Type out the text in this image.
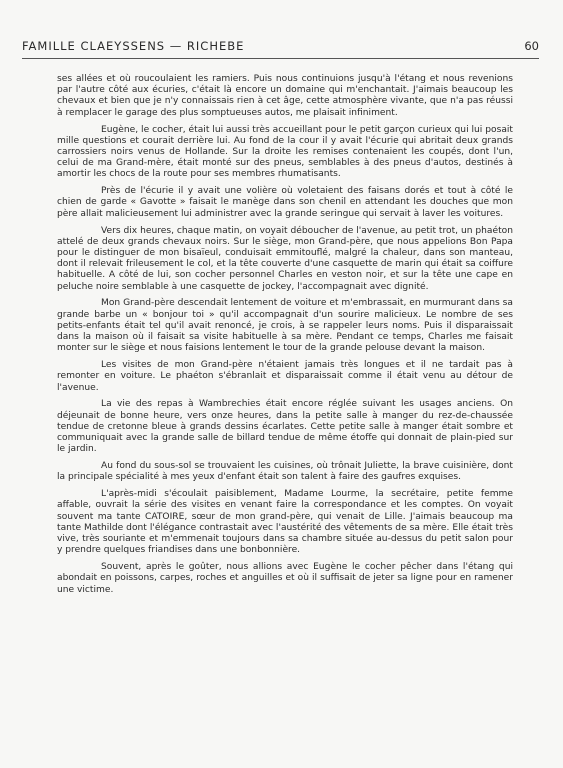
FAMILLE CLAEYSSENS — RICHEBE	60

ses allées et où roucoulaient les ramiers. Puis nous continuions jusqu'à l'étang et nous revenions par l'autre côté aux écuries, c'était là encore un domaine qui m'enchantait. J'aimais beaucoup les chevaux et bien que je n'y connaissais rien à cet âge, cette atmosphère vivante, que n'a pas réussi à remplacer le garage des plus somptueuses autos, me plaisait infiniment.

Eugène, le cocher, était lui aussi très accueillant pour le petit garçon curieux qui lui posait mille questions et courait derrière lui. Au fond de la cour il y avait l'écurie qui abritait deux grands carrossiers noirs venus de Hollande. Sur la droite les remises contenaient les coupés, dont l'un, celui de ma Grand-mère, était monté sur des pneus, semblables à des pneus d'autos, destinés à amortir les chocs de la route pour ses membres rhumatisants.

Près de l'écurie il y avait une volière où voletaient des faisans dorés et tout à côté le chien de garde « Gavotte » faisait le manège dans son chenil en attendant les douches que mon père allait malicieusement lui administrer avec la grande seringue qui servait à laver les voitures.

Vers dix heures, chaque matin, on voyait déboucher de l'avenue, au petit trot, un phaéton attelé de deux grands chevaux noirs. Sur le siège, mon Grand-père, que nous appelions Bon Papa pour le distinguer de mon bisaïeul, conduisait emmitouflé, malgré la chaleur, dans son manteau, dont il relevait frileusement le col, et la tête couverte d'une casquette de marin qui était sa coiffure habituelle. A côté de lui, son cocher personnel Charles en veston noir, et sur la tête une cape en peluche noire semblable à une casquette de jockey, l'accompagnait avec dignité.

Mon Grand-père descendait lentement de voiture et m'embrassait, en murmurant dans sa grande barbe un « bonjour toi » qu'il accompagnait d'un sourire malicieux. Le nombre de ses petits-enfants était tel qu'il avait renoncé, je crois, à se rappeler leurs noms. Puis il disparaissait dans la maison où il faisait sa visite habituelle à sa mère. Pendant ce temps, Charles me faisait monter sur le siège et nous faisions lentement le tour de la grande pelouse devant la maison.

Les visites de mon Grand-père n'étaient jamais très longues et il ne tardait pas à remonter en voiture. Le phaéton s'ébranlait et disparaissait comme il était venu au détour de l'avenue.

La vie des repas à Wambrechies était encore réglée suivant les usages anciens. On déjeunait de bonne heure, vers onze heures, dans la petite salle à manger du rez-de-chaussée tendue de cretonne bleue à grands dessins écarlates. Cette petite salle à manger était sombre et communiquait avec la grande salle de billard tendue de même étoffe qui donnait de plain-pied sur le jardin.

Au fond du sous-sol se trouvaient les cuisines, où trônait Juliette, la brave cuisinière, dont la principale spécialité à mes yeux d'enfant était son talent à faire des gaufres exquises.

L'après-midi s'écoulait paisiblement, Madame Lourme, la secrétaire, petite femme affable, ouvrait la série des visites en venant faire la correspondance et les comptes. On voyait souvent ma tante CATOIRE, sœur de mon grand-père, qui venait de Lille. J'aimais beaucoup ma tante Mathilde dont l'élégance contrastait avec l'austérité des vêtements de sa mère. Elle était très vive, très souriante et m'emmenait toujours dans sa chambre située au-dessus du petit salon pour y prendre quelques friandises dans une bonbonnière.

Souvent, après le goûter, nous allions avec Eugène le cocher pêcher dans l'étang qui abondait en poissons, carpes, roches et anguilles et où il suffisait de jeter sa ligne pour en ramener une victime.
